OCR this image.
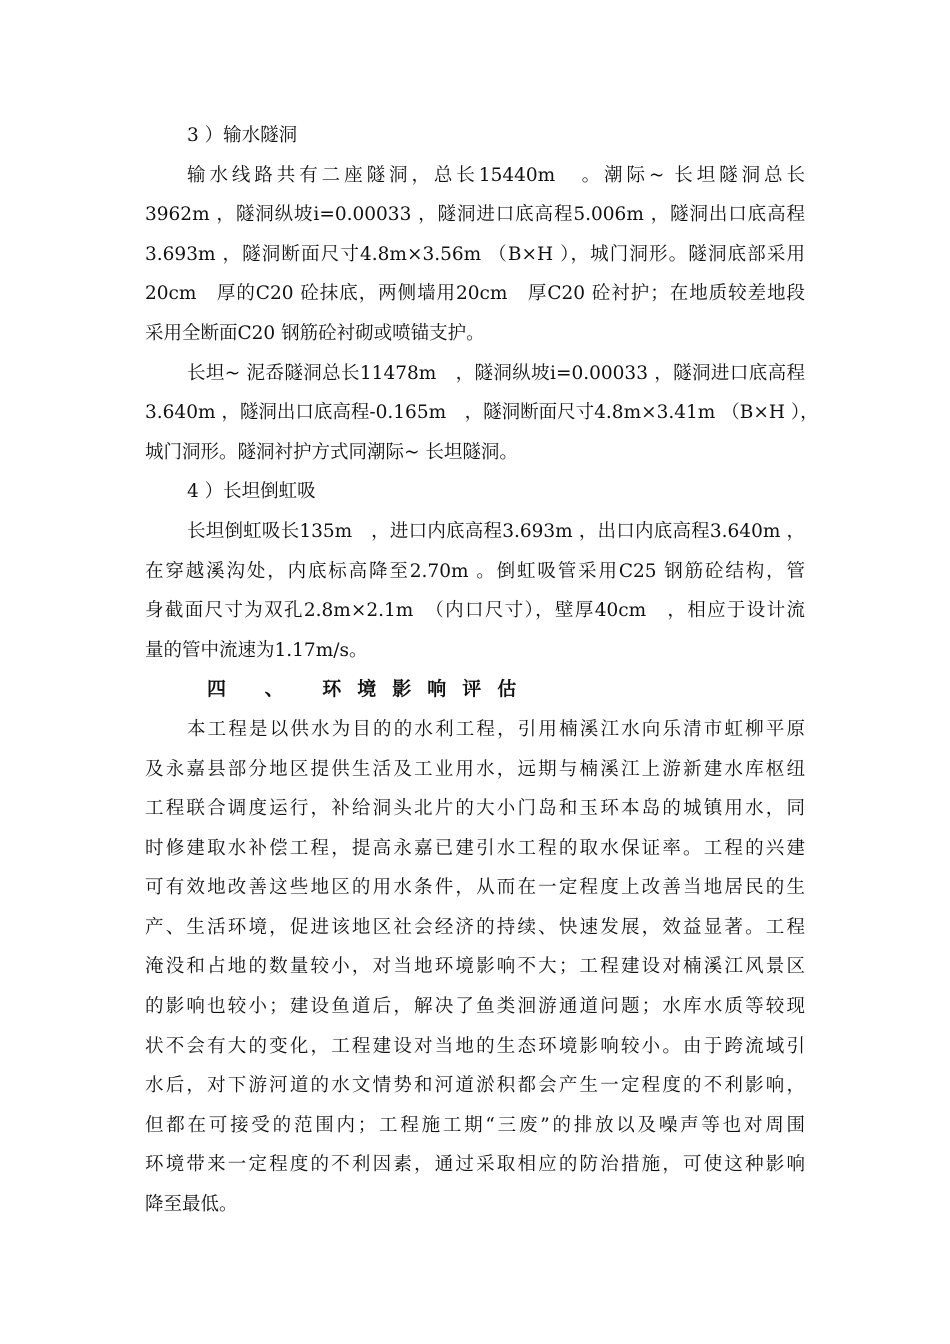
3 ）输水隧洞
输水线路共有二座隧洞，总长15440m　。潮际~ 长坦隧洞总长
3962m ，隧洞纵坡i=0.00033 ，隧洞进口底高程5.006m ，隧洞出口底高程
3.693m ，隧洞断面尺寸4.8m×3.56m （B×H ），城门洞形。隧洞底部采用
20cm　厚的C20 砼抹底，两侧墙用20cm　厚C20 砼衬护；在地质较差地段
采用全断面C20 钢筋砼衬砌或喷锚支护。
长坦~ 泥岙隧洞总长11478m　，隧洞纵坡i=0.00033 ，隧洞进口底高程
3.640m ，隧洞出口底高程-0.165m　，隧洞断面尺寸4.8m×3.41m （B×H ），
城门洞形。隧洞衬护方式同潮际~ 长坦隧洞。
4 ）长坦倒虹吸
长坦倒虹吸长135m　，进口内底高程3.693m ，出口内底高程3.640m ，
在穿越溪沟处，内底标高降至2.70m 。倒虹吸管采用C25 钢筋砼结构，管
身截面尺寸为双孔2.8m×2.1m　（内口尺寸），壁厚40cm　，相应于设计流
量的管中流速为1.17m/s。
四 、 环境影响评估
本工程是以供水为目的的水利工程，引用楠溪江水向乐清市虹柳平原
及永嘉县部分地区提供生活及工业用水，远期与楠溪江上游新建水库枢纽
工程联合调度运行，补给洞头北片的大小门岛和玉环本岛的城镇用水，同
时修建取水补偿工程，提高永嘉已建引水工程的取水保证率。工程的兴建
可有效地改善这些地区的用水条件，从而在一定程度上改善当地居民的生
产、生活环境，促进该地区社会经济的持续、快速发展，效益显著。工程
淹没和占地的数量较小，对当地环境影响不大；工程建设对楠溪江风景区
的影响也较小；建设鱼道后，解决了鱼类洄游通道问题；水库水质等较现
状不会有大的变化，工程建设对当地的生态环境影响较小。由于跨流域引
水后，对下游河道的水文情势和河道淤积都会产生一定程度的不利影响，
但都在可接受的范围内；工程施工期“三废”的排放以及噪声等也对周围
环境带来一定程度的不利因素，通过采取相应的防治措施，可使这种影响
降至最低。
